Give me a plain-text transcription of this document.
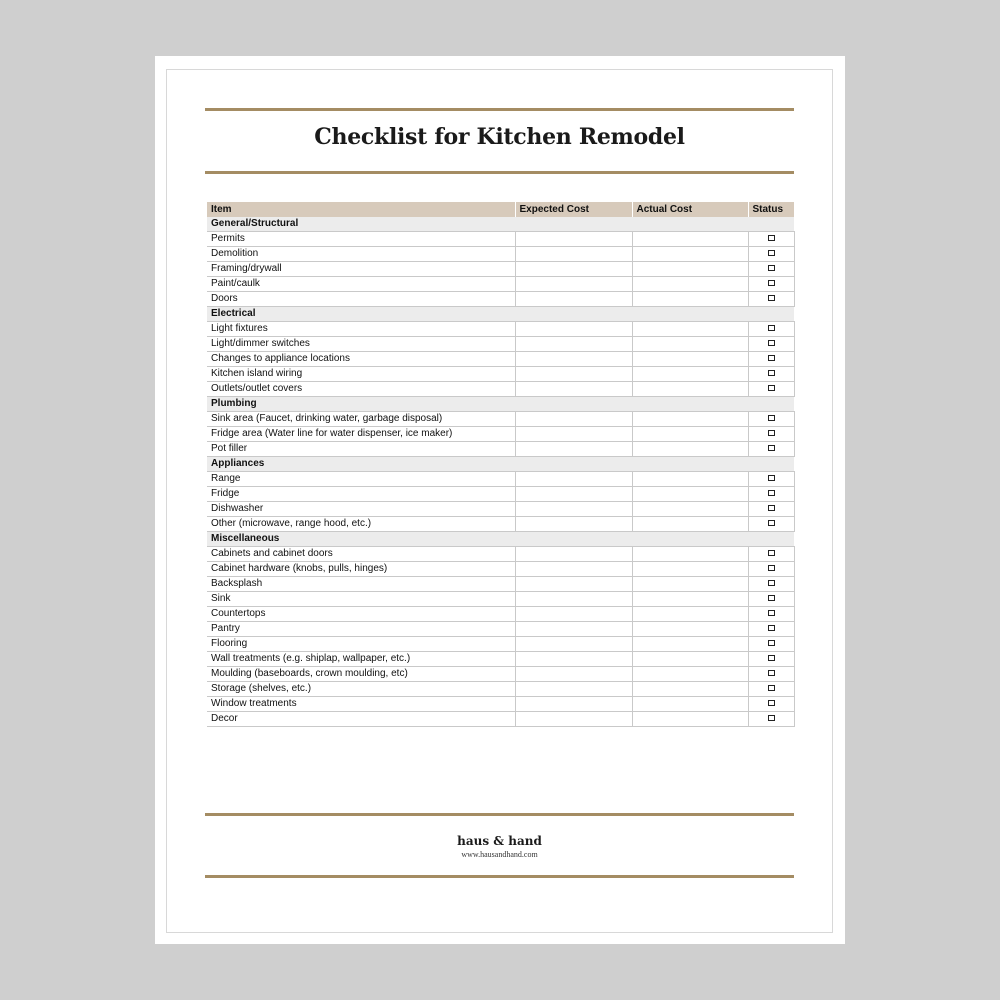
Checklist for Kitchen Remodel
Item	Expected Cost	Actual Cost	Status
General/Structural			
Permits			
Demolition			
Framing/drywall			
Paint/caulk			
Doors			
Electrical			
Light fixtures			
Light/dimmer switches			
Changes to appliance locations			
Kitchen island wiring			
Outlets/outlet covers			
Plumbing			
Sink area (Faucet, drinking water, garbage disposal)			
Fridge area (Water line for water dispenser, ice maker)			
Pot filler			
Appliances			
Range			
Fridge			
Dishwasher			
Other (microwave, range hood, etc.)			
Miscellaneous			
Cabinets and cabinet doors			
Cabinet hardware (knobs, pulls, hinges)			
Backsplash			
Sink			
Countertops			
Pantry			
Flooring			
Wall treatments (e.g. shiplap, wallpaper, etc.)			
Moulding (baseboards, crown moulding, etc)			
Storage (shelves, etc.)			
Window treatments			
Decor			
haus & hand
www.hausandhand.com
